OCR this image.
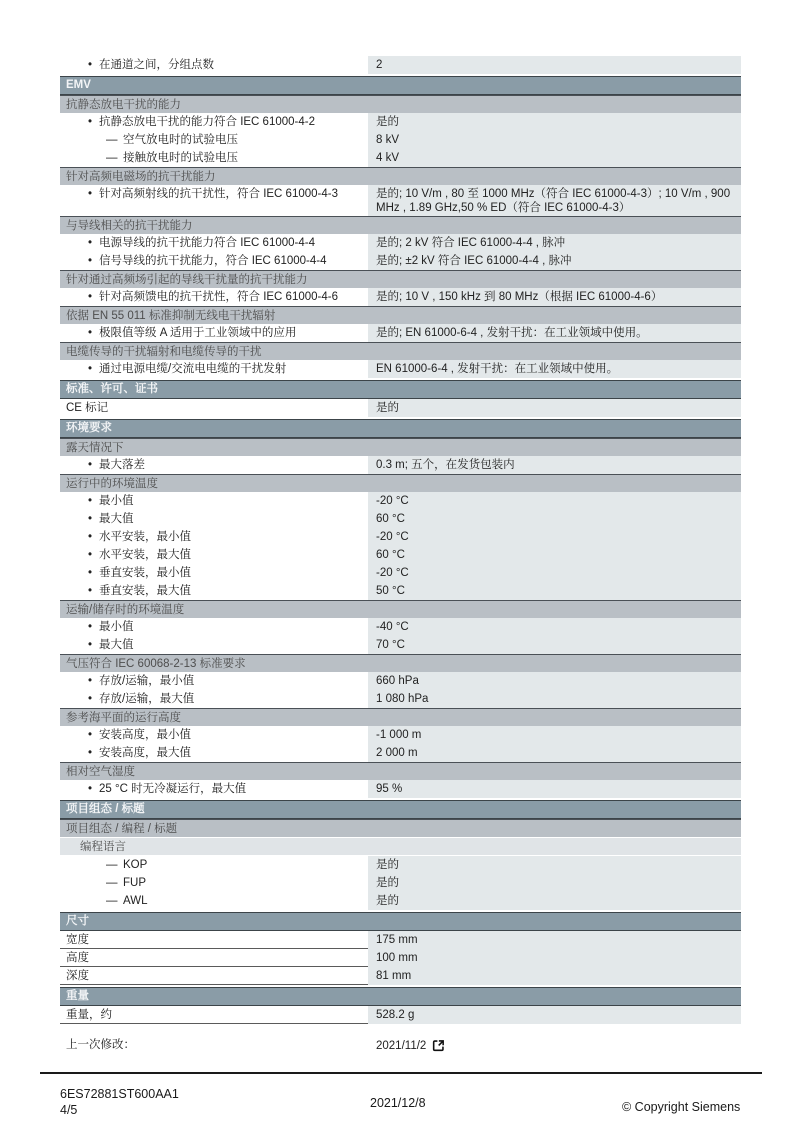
• 在通道之间，分组点数	2
EMV
抗静态放电干扰的能力
• 抗静态放电干扰的能力符合 IEC 61000-4-2	是的
— 空气放电时的试验电压	8 kV
— 接触放电时的试验电压	4 kV
针对高频电磁场的抗干扰能力
• 针对高频射线的抗干扰性，符合 IEC 61000-4-3	是的; 10 V/m , 80 至 1000 MHz（符合 IEC 61000-4-3）; 10 V/m , 900 MHz , 1.89 GHz,50 % ED（符合 IEC 61000-4-3）
与导线相关的抗干扰能力
• 电源导线的抗干扰能力符合 IEC 61000-4-4	是的; 2 kV 符合 IEC 61000-4-4 , 脉冲
• 信号导线的抗干扰能力，符合 IEC 61000-4-4	是的; ±2 kV 符合 IEC 61000-4-4 , 脉冲
针对通过高频场引起的导线干扰量的抗干扰能力
• 针对高频馈电的抗干扰性，符合 IEC 61000-4-6	是的; 10 V , 150 kHz 到 80 MHz（根据 IEC 61000-4-6）
依据 EN 55 011 标准抑制无线电干扰辐射
• 极限值等级 A 适用于工业领域中的应用	是的; EN 61000-6-4 , 发射干扰：在工业领域中使用。
电缆传导的干扰辐射和电缆传导的干扰
• 通过电源电缆/交流电电缆的干扰发射	EN 61000-6-4 , 发射干扰：在工业领域中使用。
标准、许可、证书
CE 标记	是的
环境要求
露天情况下
• 最大落差	0.3 m; 五个，在发货包装内
运行中的环境温度
• 最小值	-20 °C
• 最大值	60 °C
• 水平安装，最小值	-20 °C
• 水平安装，最大值	60 °C
• 垂直安装，最小值	-20 °C
• 垂直安装，最大值	50 °C
运输/储存时的环境温度
• 最小值	-40 °C
• 最大值	70 °C
气压符合 IEC 60068-2-13 标准要求
• 存放/运输，最小值	660 hPa
• 存放/运输，最大值	1 080 hPa
参考海平面的运行高度
• 安装高度，最小值	-1 000 m
• 安装高度，最大值	2 000 m
相对空气湿度
• 25 °C 时无冷凝运行，最大值	95 %
项目组态 / 标题
项目组态 / 编程 / 标题
编程语言
— KOP	是的
— FUP	是的
— AWL	是的
尺寸
宽度	175 mm
高度	100 mm
深度	81 mm
重量
重量，约	528.2 g
上一次修改：	2021/11/2
6ES72881ST600AA1
4/5	2021/12/8	© Copyright Siemens
